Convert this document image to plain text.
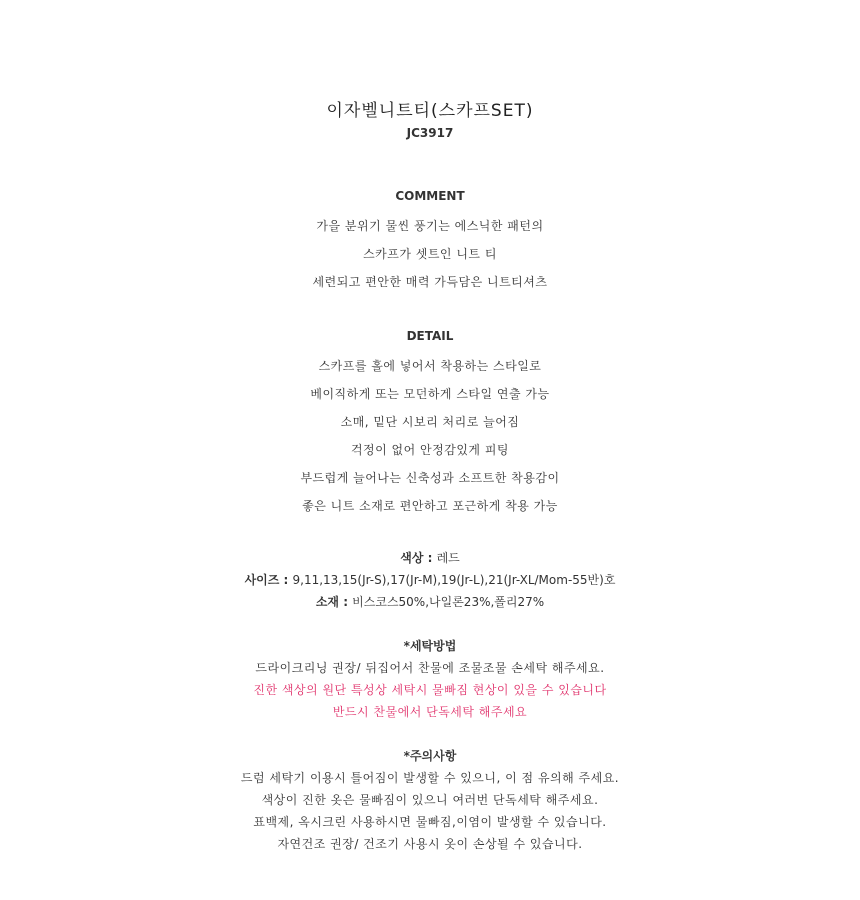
이자벨니트티(스카프SET)
JC3917
COMMENT
가을 분위기 물씬 풍기는 에스닉한 패턴의
스카프가 셋트인 니트 티
세련되고 편안한 매력 가득담은 니트티셔츠
DETAIL
스카프를 홀에 넣어서 착용하는 스타일로
베이직하게 또는 모던하게 스타일 연출 가능
소매, 밑단 시보리 처리로 늘어짐
걱정이 없어 안정감있게 피팅
부드럽게 늘어나는 신축성과 소프트한 착용감이
좋은 니트 소재로 편안하고 포근하게 착용 가능
색상 : 레드
사이즈 : 9,11,13,15(Jr-S),17(Jr-M),19(Jr-L),21(Jr-XL/Mom-55반)호
소재 : 비스코스50%,나일론23%,폴리27%
*세탁방법
드라이크리닝 권장/ 뒤집어서 찬물에 조물조물 손세탁 해주세요.
진한 색상의 원단 특성상 세탁시 물빠짐 현상이 있을 수 있습니다
반드시 찬물에서 단독세탁 해주세요
*주의사항
드럼 세탁기 이용시 틀어짐이 발생할 수 있으니, 이 점 유의해 주세요.
색상이 진한 옷은 물빠짐이 있으니 여러번 단독세탁 해주세요.
표백제, 옥시크린 사용하시면 물빠짐,이염이 발생할 수 있습니다.
자연건조 권장/ 건조기 사용시 옷이 손상될 수 있습니다.
